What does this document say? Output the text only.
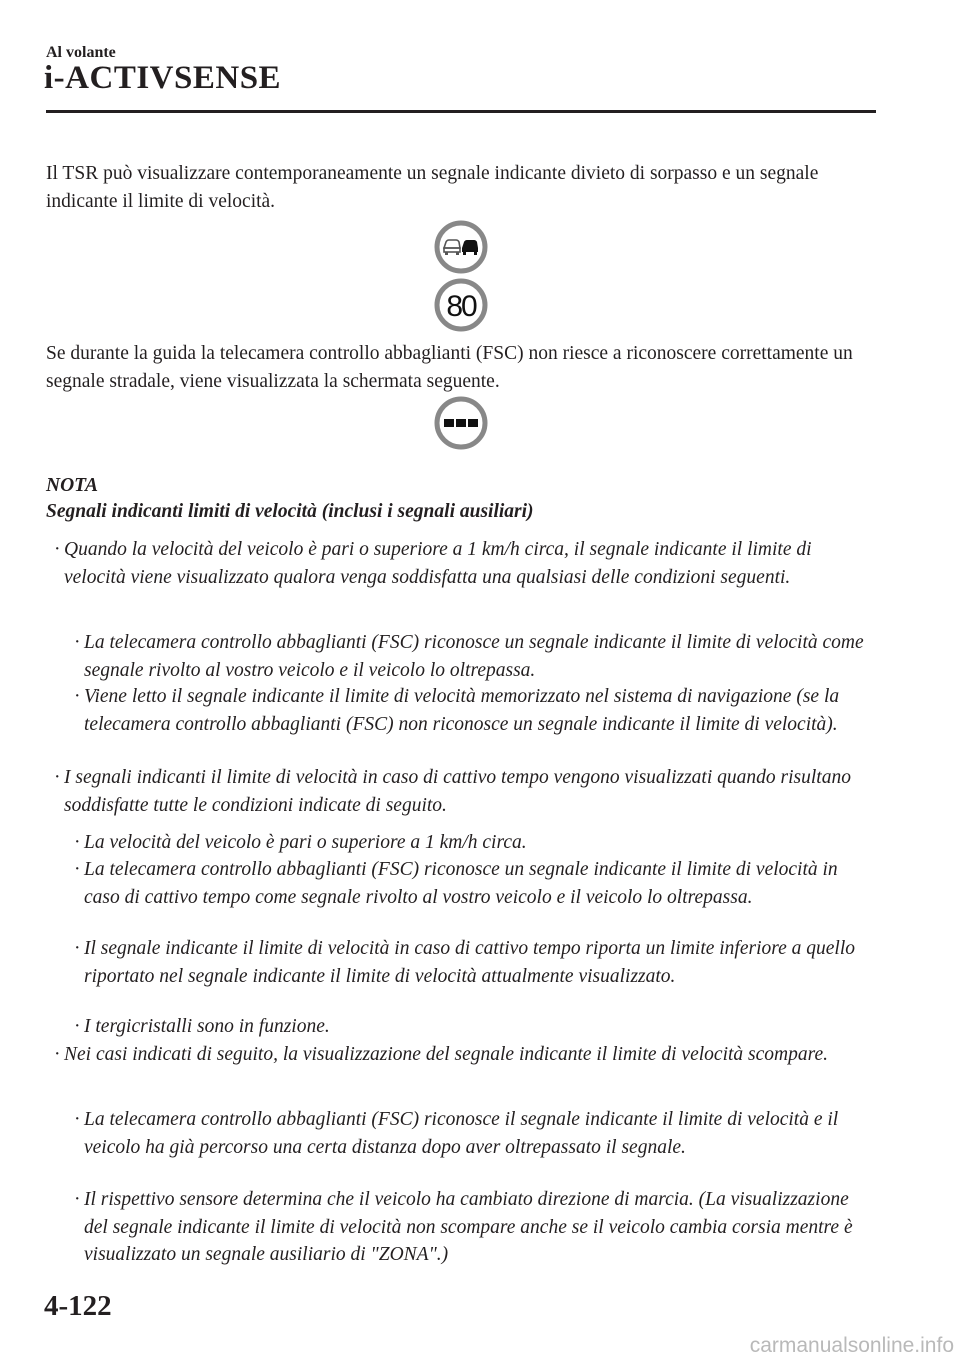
Al volante
i-ACTIVSENSE
Il TSR può visualizzare contemporaneamente un segnale indicante divieto di sorpasso e un segnale indicante il limite di velocità.
80
Se durante la guida la telecamera controllo abbaglianti (FSC) non riesce a riconoscere correttamente un segnale stradale, viene visualizzata la schermata seguente.
NOTA
Segnali indicanti limiti di velocità (inclusi i segnali ausiliari)
· Quando la velocità del veicolo è pari o superiore a 1 km/h circa, il segnale indicante il limite di velocità viene visualizzato qualora venga soddisfatta una qualsiasi delle condizioni seguenti.
· La telecamera controllo abbaglianti (FSC) riconosce un segnale indicante il limite di velocità come segnale rivolto al vostro veicolo e il veicolo lo oltrepassa.
· Viene letto il segnale indicante il limite di velocità memorizzato nel sistema di navigazione (se la telecamera controllo abbaglianti (FSC) non riconosce un segnale indicante il limite di velocità).
· I segnali indicanti il limite di velocità in caso di cattivo tempo vengono visualizzati quando risultano soddisfatte tutte le condizioni indicate di seguito.
· La velocità del veicolo è pari o superiore a 1 km/h circa.
· La telecamera controllo abbaglianti (FSC) riconosce un segnale indicante il limite di velocità in caso di cattivo tempo come segnale rivolto al vostro veicolo e il veicolo lo oltrepassa.
· Il segnale indicante il limite di velocità in caso di cattivo tempo riporta un limite inferiore a quello riportato nel segnale indicante il limite di velocità attualmente visualizzato.
· I tergicristalli sono in funzione.
· Nei casi indicati di seguito, la visualizzazione del segnale indicante il limite di velocità scompare.
· La telecamera controllo abbaglianti (FSC) riconosce il segnale indicante il limite di velocità e il veicolo ha già percorso una certa distanza dopo aver oltrepassato il segnale.
· Il rispettivo sensore determina che il veicolo ha cambiato direzione di marcia. (La visualizzazione del segnale indicante il limite di velocità non scompare anche se il veicolo cambia corsia mentre è visualizzato un segnale ausiliario di "ZONA".)
4-122
carmanualsonline.info
